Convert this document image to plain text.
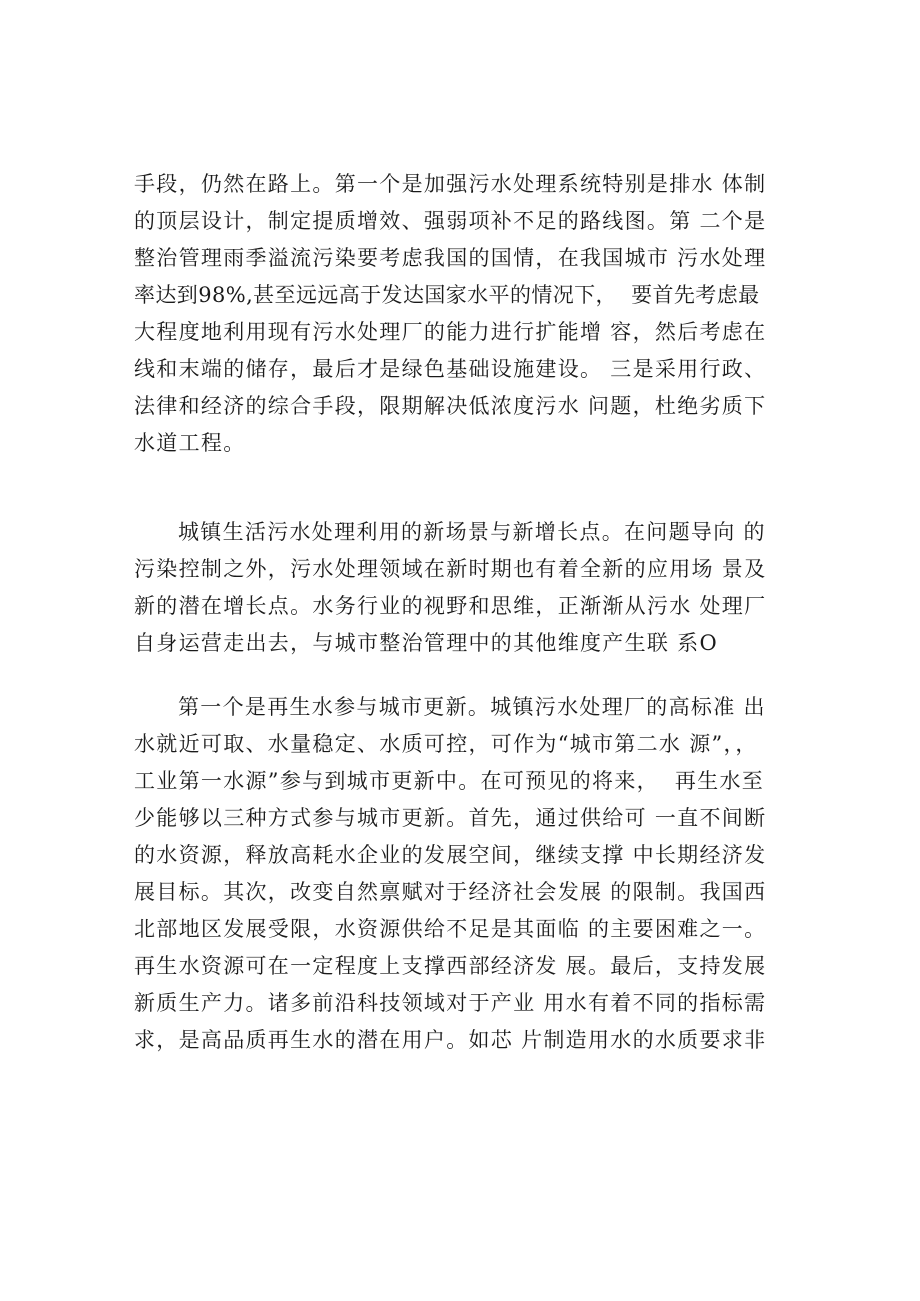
手段，仍然在路上。第一个是加强污水处理系统特别是排水 体制
的顶层设计，制定提质增效、强弱项补不足的路线图。第 二个是
整治管理雨季溢流污染要考虑我国的国情，在我国城市 污水处理
率达到98%,甚至远远高于发达国家水平的情况下，  要首先考虑最
大程度地利用现有污水处理厂的能力进行扩能增 容，然后考虑在
线和末端的储存，最后才是绿色基础设施建设。 三是采用行政、
法律和经济的综合手段，限期解决低浓度污水 问题，杜绝劣质下
水道工程。
城镇生活污水处理利用的新场景与新增长点。在问题导向 的
污染控制之外，污水处理领域在新时期也有着全新的应用场 景及
新的潜在增长点。水务行业的视野和思维，正渐渐从污水 处理厂
自身运营走出去，与城市整治管理中的其他维度产生联 系O
第一个是再生水参与城市更新。城镇污水处理厂的高标准 出
水就近可取、水量稳定、水质可控，可作为“城市第二水 源”，，
工业第一水源”参与到城市更新中。在可预见的将来，  再生水至
少能够以三种方式参与城市更新。首先，通过供给可 一直不间断
的水资源，释放高耗水企业的发展空间，继续支撑 中长期经济发
展目标。其次，改变自然禀赋对于经济社会发展 的限制。我国西
北部地区发展受限，水资源供给不足是其面临 的主要困难之一。
再生水资源可在一定程度上支撑西部经济发 展。最后，支持发展
新质生产力。诸多前沿科技领域对于产业 用水有着不同的指标需
求，是高品质再生水的潜在用户。如芯 片制造用水的水质要求非
